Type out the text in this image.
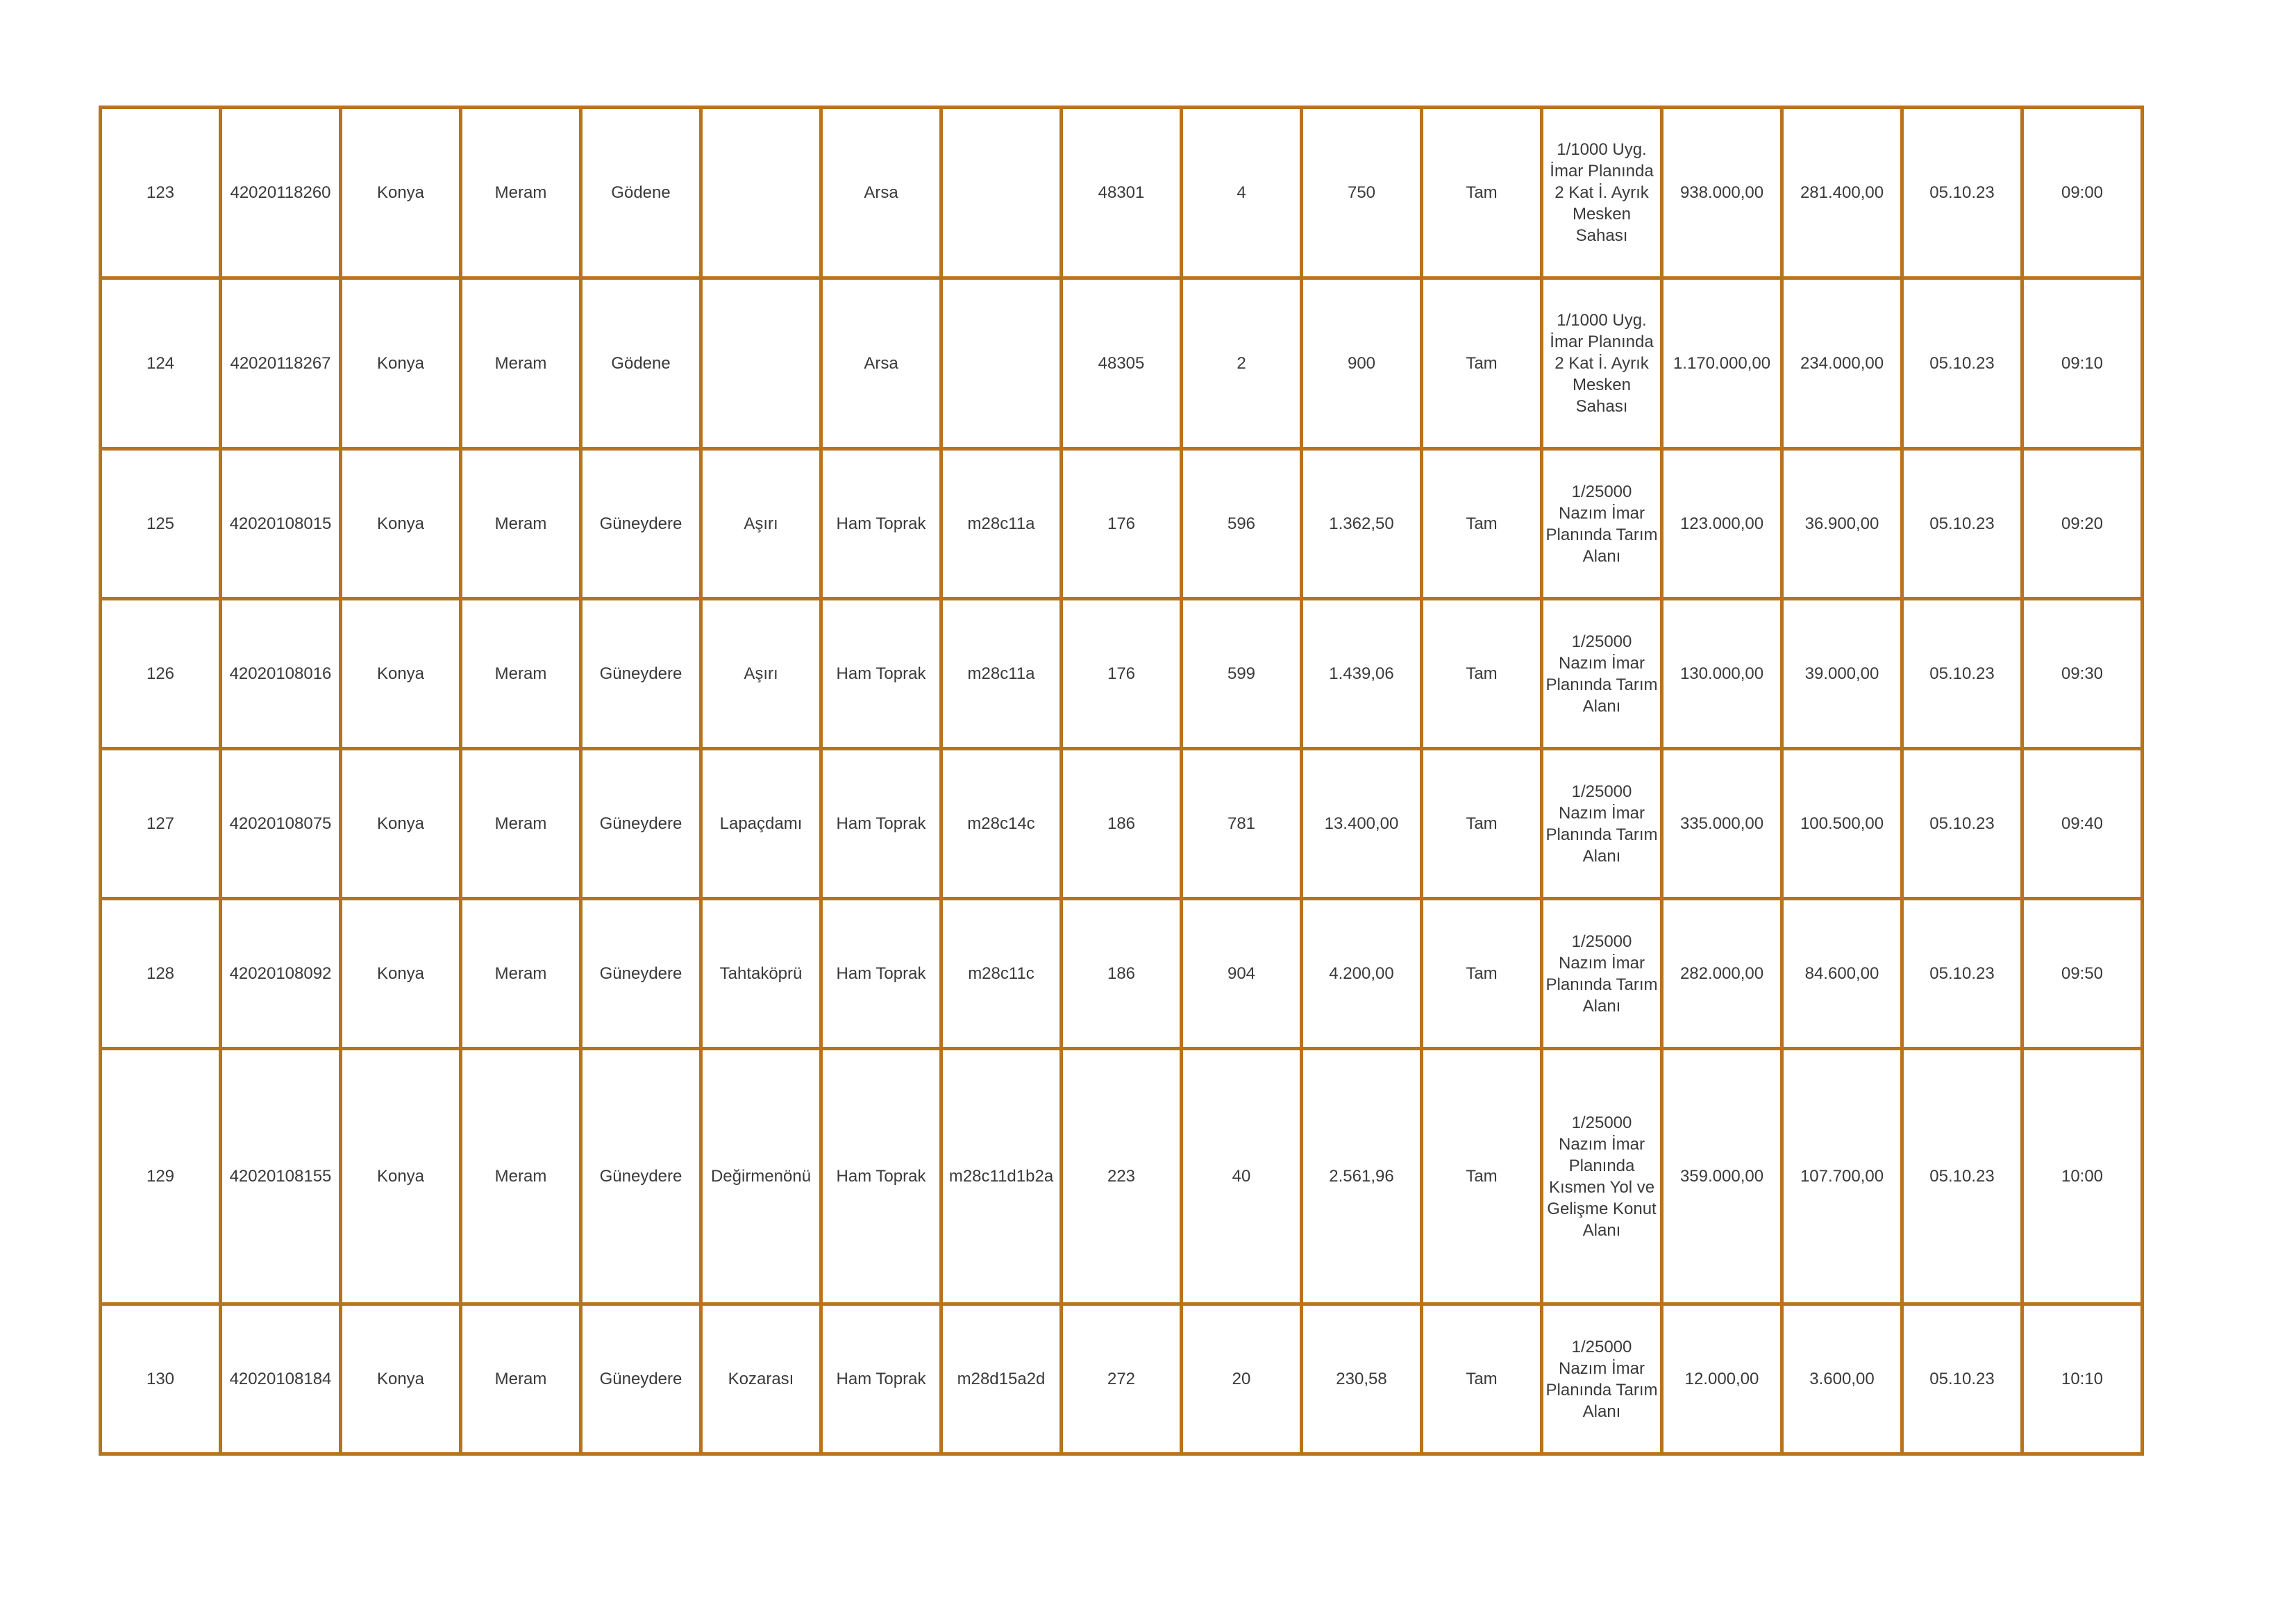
123	42020118260	Konya	Meram	Gödene		Arsa		48301	4	750	Tam	1/1000 Uyg. İmar Planında 2 Kat İ. Ayrık Mesken Sahası	938.000,00	281.400,00	05.10.23	09:00
124	42020118267	Konya	Meram	Gödene		Arsa		48305	2	900	Tam	1/1000 Uyg. İmar Planında 2 Kat İ. Ayrık Mesken Sahası	1.170.000,00	234.000,00	05.10.23	09:10
125	42020108015	Konya	Meram	Güneydere	Aşırı	Ham Toprak	m28c11a	176	596	1.362,50	Tam	1/25000 Nazım İmar Planında Tarım Alanı	123.000,00	36.900,00	05.10.23	09:20
126	42020108016	Konya	Meram	Güneydere	Aşırı	Ham Toprak	m28c11a	176	599	1.439,06	Tam	1/25000 Nazım İmar Planında Tarım Alanı	130.000,00	39.000,00	05.10.23	09:30
127	42020108075	Konya	Meram	Güneydere	Lapaçdamı	Ham Toprak	m28c14c	186	781	13.400,00	Tam	1/25000 Nazım İmar Planında Tarım Alanı	335.000,00	100.500,00	05.10.23	09:40
128	42020108092	Konya	Meram	Güneydere	Tahtaköprü	Ham Toprak	m28c11c	186	904	4.200,00	Tam	1/25000 Nazım İmar Planında Tarım Alanı	282.000,00	84.600,00	05.10.23	09:50
129	42020108155	Konya	Meram	Güneydere	Değirmenönü	Ham Toprak	m28c11d1b2a	223	40	2.561,96	Tam	1/25000 Nazım İmar Planında Kısmen Yol ve Gelişme Konut Alanı	359.000,00	107.700,00	05.10.23	10:00
130	42020108184	Konya	Meram	Güneydere	Kozarası	Ham Toprak	m28d15a2d	272	20	230,58	Tam	1/25000 Nazım İmar Planında Tarım Alanı	12.000,00	3.600,00	05.10.23	10:10
